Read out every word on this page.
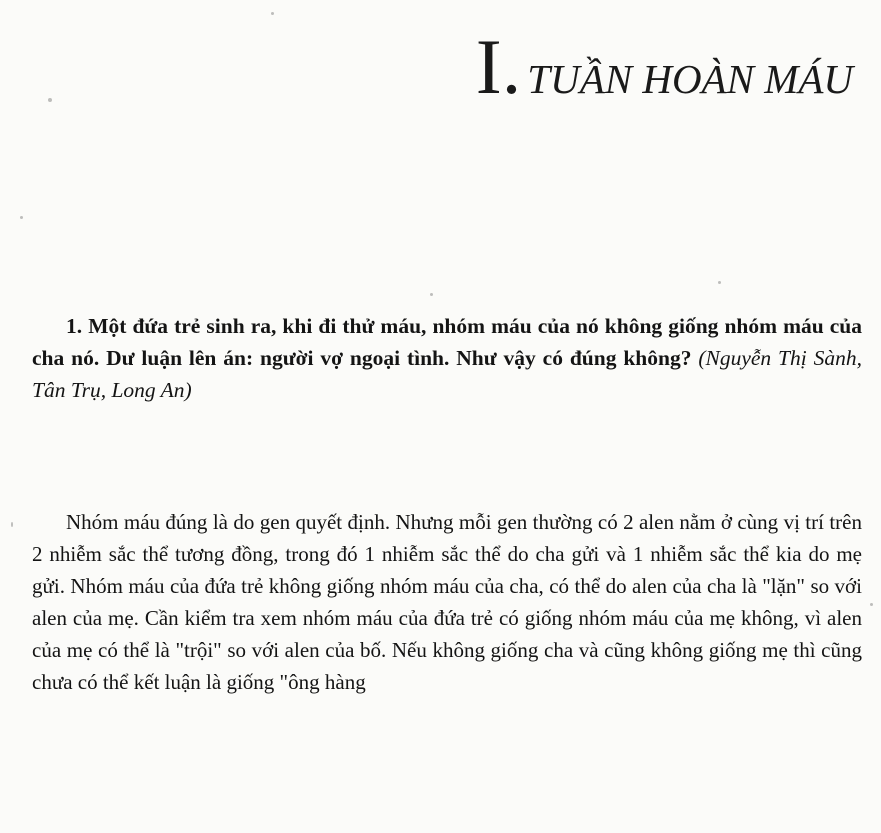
I. TUẦN HOÀN MÁU
1. Một đứa trẻ sinh ra, khi đi thử máu, nhóm máu của nó không giống nhóm máu của cha nó. Dư luận lên án: người vợ ngoại tình. Như vậy có đúng không? (Nguyễn Thị Sành, Tân Trụ, Long An)
Nhóm máu đúng là do gen quyết định. Nhưng mỗi gen thường có 2 alen nằm ở cùng vị trí trên 2 nhiễm sắc thể tương đồng, trong đó 1 nhiễm sắc thể do cha gửi và 1 nhiễm sắc thể kia do mẹ gửi. Nhóm máu của đứa trẻ không giống nhóm máu của cha, có thể do alen của cha là "lặn" so với alen của mẹ. Cần kiểm tra xem nhóm máu của đứa trẻ có giống nhóm máu của mẹ không, vì alen của mẹ có thể là "trội" so với alen của bố. Nếu không giống cha và cũng không giống mẹ thì cũng chưa có thể kết luận là giống "ông hàng
